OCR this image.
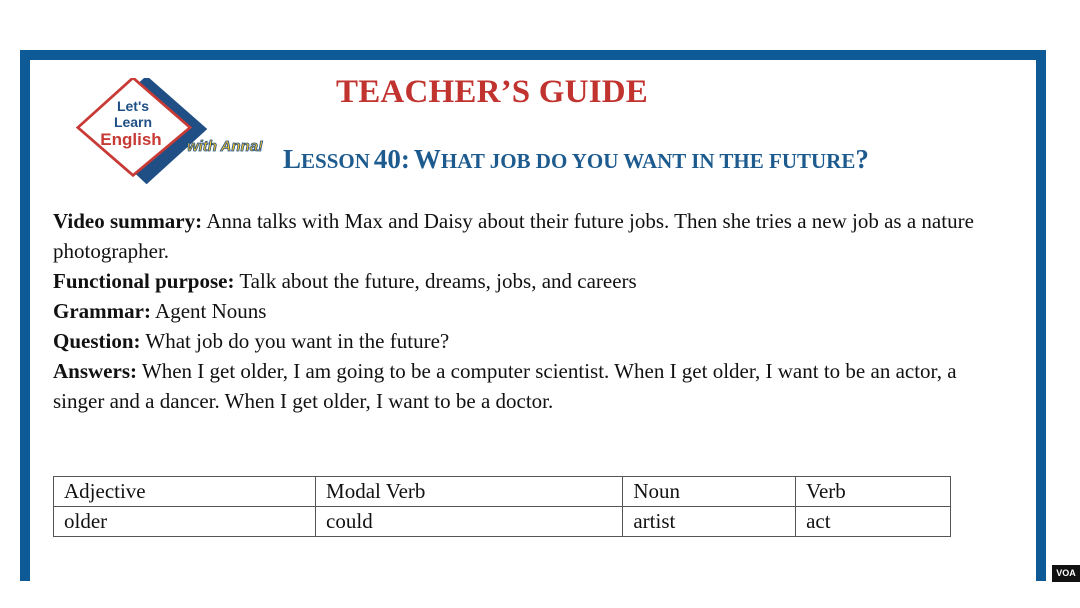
Let's
Learn
English with Anna!
TEACHER’S GUIDE
LESSON 40: WHAT JOB DO YOU WANT IN THE FUTURE?

Video summary: Anna talks with Max and Daisy about their future jobs. Then she tries a new job as a nature photographer.

Functional purpose: Talk about the future, dreams, jobs, and careers

Grammar: Agent Nouns

Question: What job do you want in the future?

Answers: When I get older, I am going to be a computer scientist. When I get older, I want to be an actor, a singer and a dancer. When I get older, I want to be a doctor.

Adjective	Modal Verb	Noun	Verb
older	could	artist	act
VOA
